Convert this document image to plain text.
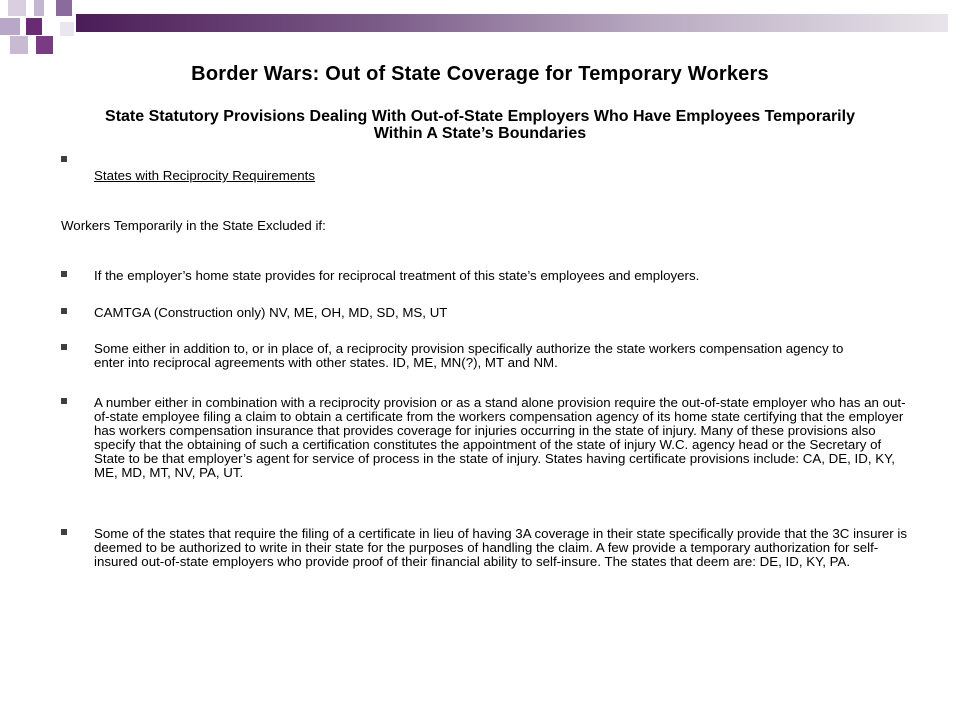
Border Wars: Out of State Coverage for Temporary Workers
State Statutory Provisions Dealing With Out-of-State Employers Who Have Employees Temporarily Within A State’s Boundaries
States with Reciprocity Requirements
Workers Temporarily in the State Excluded if:
If the employer’s home state provides for reciprocal treatment of this state’s employees and employers.
CAMTGA (Construction only) NV, ME, OH, MD, SD, MS, UT
Some either in addition to, or in place of, a reciprocity provision specifically authorize the state workers compensation agency to enter into reciprocal agreements with other states. ID, ME, MN(?), MT and NM.
A number either in combination with a reciprocity provision or as a stand alone provision require the out-of-state employer who has an out-of-state employee filing a claim to obtain a certificate from the workers compensation agency of its home state certifying that the employer has workers compensation insurance that provides coverage for injuries occurring in the state of injury. Many of these provisions also specify that the obtaining of such a certification constitutes the appointment of the state of injury W.C. agency head or the Secretary of State to be that employer’s agent for service of process in the state of injury. States having certificate provisions include: CA, DE, ID, KY, ME, MD, MT, NV, PA, UT.
Some of the states that require the filing of a certificate in lieu of having 3A coverage in their state specifically provide that the 3C insurer is deemed to be authorized to write in their state for the purposes of handling the claim. A few provide a temporary authorization for self-insured out-of-state employers who provide proof of their financial ability to self-insure. The states that deem are: DE, ID, KY, PA.
